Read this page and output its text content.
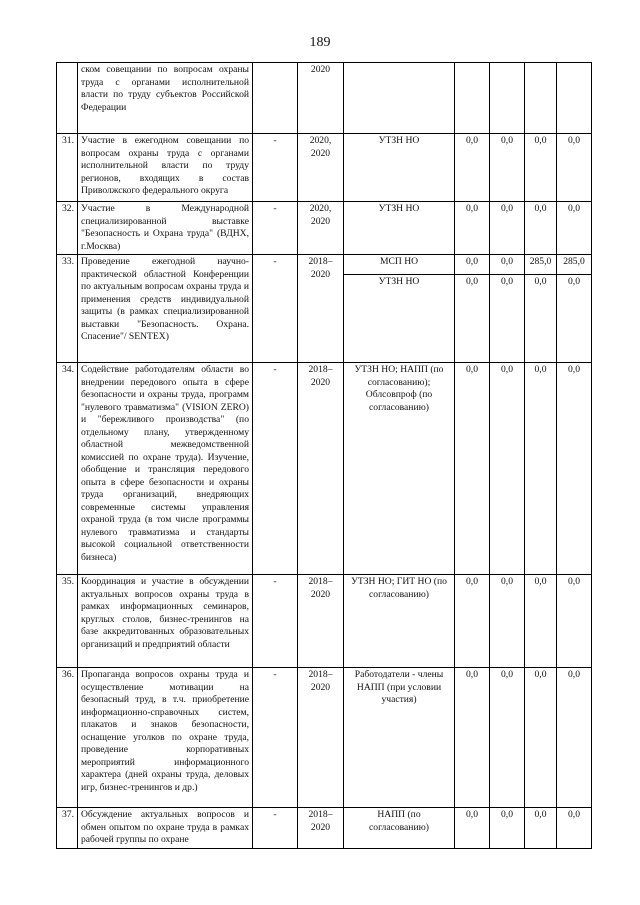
189
	ском совещании по вопросам охраны труда с органами исполнительной власти по труду субъектов Российской Федерации		2020					
31.	Участие в ежегодном совещании по вопросам охраны труда с органами исполнительной власти по труду регионов, входящих в состав Приволжского федерального округа	-	2020, 2020	УТЗН НО	0,0	0,0	0,0	0,0
32.	Участие в Международной специализированной выставке "Безопасность и Охрана труда" (ВДНХ, г.Москва)	-	2020, 2020	УТЗН НО	0,0	0,0	0,0	0,0
33.	Проведение ежегодной научно-практической областной Конференции по актуальным вопросам охраны труда и применения средств индивидуальной защиты (в рамках специализированной выставки "Безопасность. Охрана. Спасение"/ SENTEX)	-	2018–2020	МСП НО	0,0	0,0	285,0	285,0
				УТЗН НО	0,0	0,0	0,0	0,0
34.	Содействие работодателям области во внедрении передового опыта в сфере безопасности и охраны труда, программ "нулевого травматизма" (VISION ZERO) и "бережливого производства" (по отдельному плану, утвержденному областной межведомственной комиссией по охране труда). Изучение, обобщение и трансляция передового опыта в сфере безопасности и охраны труда организаций, внедряющих современные системы управления охраной труда (в том числе программы нулевого травматизма и стандарты высокой социальной ответственности бизнеса)	-	2018–2020	УТЗН НО; НАПП (по согласованию); Облсовпроф (по согласованию)	0,0	0,0	0,0	0,0
35.	Координация и участие в обсуждении актуальных вопросов охраны труда в рамках информационных семинаров, круглых столов, бизнес-тренингов на базе аккредитованных образовательных организаций и предприятий области	-	2018–2020	УТЗН НО; ГИТ НО (по согласованию)	0,0	0,0	0,0	0,0
36.	Пропаганда вопросов охраны труда и осуществление мотивации на безопасный труд, в т.ч. приобретение информационно-справочных систем, плакатов и знаков безопасности, оснащение уголков по охране труда, проведение корпоративных мероприятий информационного характера (дней охраны труда, деловых игр, бизнес-тренингов и др.)	-	2018–2020	Работодатели - члены НАПП (при условии участия)	0,0	0,0	0,0	0,0
37.	Обсуждение актуальных вопросов и обмен опытом по охране труда в рамках рабочей группы по охране	-	2018–2020	НАПП (по согласованию)	0,0	0,0	0,0	0,0
